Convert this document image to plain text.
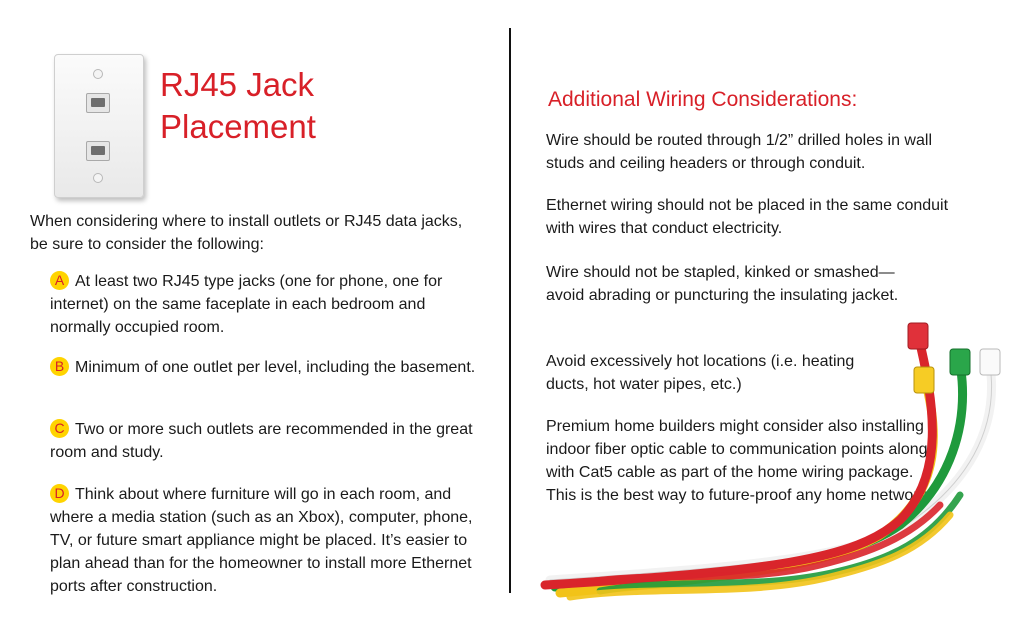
RJ45 Jack
Placement

When considering where to install outlets or RJ45 data jacks, be sure to consider the following:

A At least two RJ45 type jacks (one for phone, one for internet) on the same faceplate in each bedroom and normally occupied room.
B Minimum of one outlet per level, including the basement.
C Two or more such outlets are recommended in the great room and study.
D Think about where furniture will go in each room, and where a media station (such as an Xbox), computer, phone, TV, or future smart appliance might be placed. It’s easier to plan ahead than for the homeowner to install more Ethernet ports after construction.
Additional Wiring Considerations:

Wire should be routed through 1/2” drilled holes in wall studs and ceiling headers or through conduit.

Ethernet wiring should not be placed in the same conduit with wires that conduct electricity.

Wire should not be stapled, kinked or smashed—avoid abrading or puncturing the insulating jacket.

Avoid excessively hot locations (i.e. heating ducts, hot water pipes, etc.)

Premium home builders might consider also installing indoor fiber optic cable to communication points along with Cat5 cable as part of the home wiring package. This is the best way to future-proof any home network.
